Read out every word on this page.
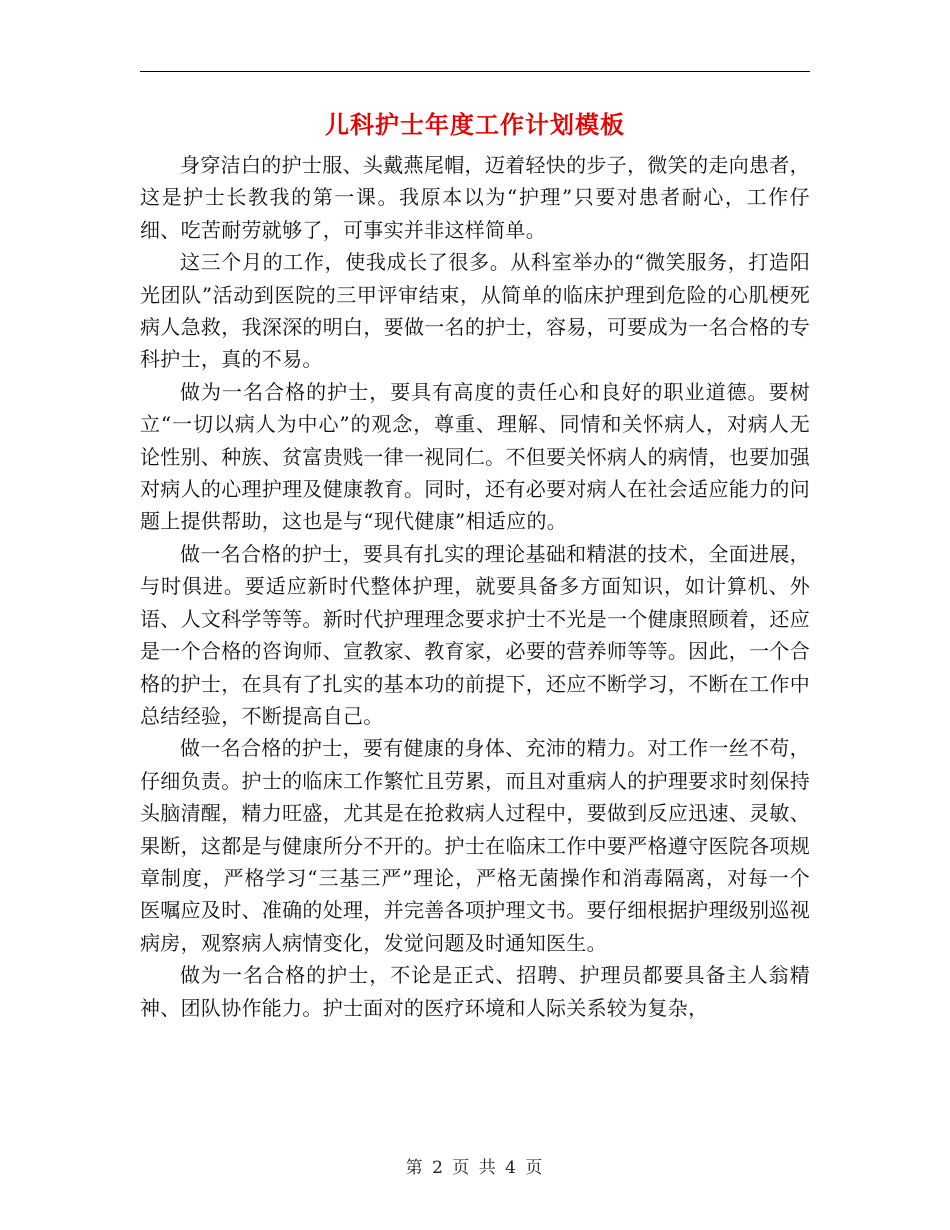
儿科护士年度工作计划模板

身穿洁白的护士服、头戴燕尾帽，迈着轻快的步子，微笑的走向患者，这是护士长教我的第一课。我原本以为“护理”只要对患者耐心，工作仔细、吃苦耐劳就够了，可事实并非这样简单。

这三个月的工作，使我成长了很多。从科室举办的“微笑服务，打造阳光团队”活动到医院的三甲评审结束，从简单的临床护理到危险的心肌梗死病人急救，我深深的明白，要做一名的护士，容易，可要成为一名合格的专科护士，真的不易。

做为一名合格的护士，要具有高度的责任心和良好的职业道德。要树立“一切以病人为中心”的观念，尊重、理解、同情和关怀病人，对病人无论性别、种族、贫富贵贱一律一视同仁。不但要关怀病人的病情，也要加强对病人的心理护理及健康教育。同时，还有必要对病人在社会适应能力的问题上提供帮助，这也是与“现代健康”相适应的。

做一名合格的护士，要具有扎实的理论基础和精湛的技术，全面进展，与时俱进。要适应新时代整体护理，就要具备多方面知识，如计算机、外语、人文科学等等。新时代护理理念要求护士不光是一个健康照顾着，还应是一个合格的咨询师、宣教家、教育家，必要的营养师等等。因此，一个合格的护士，在具有了扎实的基本功的前提下，还应不断学习，不断在工作中总结经验，不断提高自己。

做一名合格的护士，要有健康的身体、充沛的精力。对工作一丝不苟，仔细负责。护士的临床工作繁忙且劳累，而且对重病人的护理要求时刻保持头脑清醒，精力旺盛，尤其是在抢救病人过程中，要做到反应迅速、灵敏、果断，这都是与健康所分不开的。护士在临床工作中要严格遵守医院各项规章制度，严格学习“三基三严”理论，严格无菌操作和消毒隔离，对每一个医嘱应及时、准确的处理，并完善各项护理文书。要仔细根据护理级别巡视病房，观察病人病情变化，发觉问题及时通知医生。

做为一名合格的护士，不论是正式、招聘、护理员都要具备主人翁精神、团队协作能力。护士面对的医疗环境和人际关系较为复杂，

第 2 页 共 4 页
